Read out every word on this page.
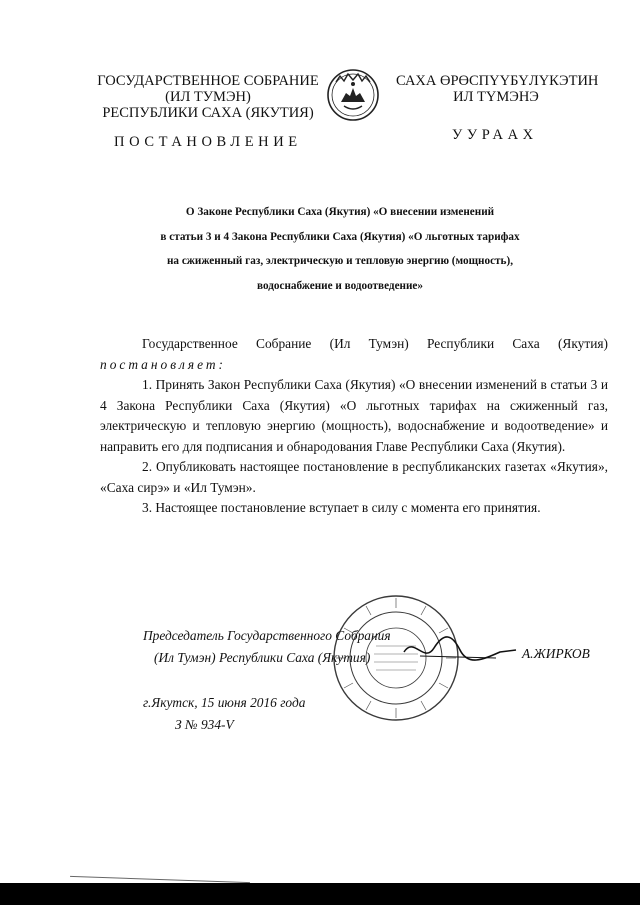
ГОСУДАРСТВЕННОЕ СОБРАНИЕ
(ИЛ ТУМЭН)
РЕСПУБЛИКИ САХА (ЯКУТИЯ)
САХА ӨРӨСПҮҮБҮЛҮКЭТИН
ИЛ ТҮМЭНЭ
ПОСТАНОВЛЕНИЕ	УУРААХ
О Законе Республики Саха (Якутия) «О внесении изменений
в статьи 3 и 4 Закона Республики Саха (Якутия) «О льготных тарифах
на сжиженный газ, электрическую и тепловую энергию (мощность),
водоснабжение и водоотведение»
Государственное Собрание (Ил Тумэн) Республики Саха (Якутия)

постановляет:

1. Принять Закон Республики Саха (Якутия) «О внесении изменений в статьи 3 и 4 Закона Республики Саха (Якутия) «О льготных тарифах на сжиженный газ, электрическую и тепловую энергию (мощность), водоснабжение и водоотведение» и направить его для подписания и обнародования Главе Республики Саха (Якутия).

2. Опубликовать настоящее постановление в республиканских газетах «Якутия», «Саха сирэ» и «Ил Тумэн».

3. Настоящее постановление вступает в силу с момента его принятия.

Председатель Государственного Собрания
(Ил Тумэн) Республики Саха (Якутия)	А.ЖИРКОВ
г.Якутск, 15 июня 2016 года
З № 934-V
